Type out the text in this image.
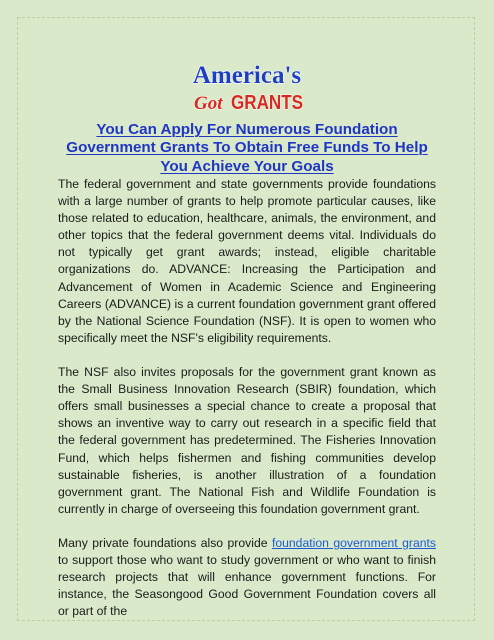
America's
Got GRANTS
You Can Apply For Numerous Foundation Government Grants To Obtain Free Funds To Help You Achieve Your Goals

The federal government and state governments provide foundations with a large number of grants to help promote particular causes, like those related to education, healthcare, animals, the environment, and other topics that the federal government deems vital. Individuals do not typically get grant awards; instead, eligible charitable organizations do. ADVANCE: Increasing the Participation and Advancement of Women in Academic Science and Engineering Careers (ADVANCE) is a current foundation government grant offered by the National Science Foundation (NSF). It is open to women who specifically meet the NSF's eligibility requirements.

The NSF also invites proposals for the government grant known as the Small Business Innovation Research (SBIR) foundation, which offers small businesses a special chance to create a proposal that shows an inventive way to carry out research in a specific field that the federal government has predetermined. The Fisheries Innovation Fund, which helps fishermen and fishing communities develop sustainable fisheries, is another illustration of a foundation government grant. The National Fish and Wildlife Foundation is currently in charge of overseeing this foundation government grant.

Many private foundations also provide foundation government grants to support those who want to study government or who want to finish research projects that will enhance government functions. For instance, the Seasongood Good Government Foundation covers all or part of the
